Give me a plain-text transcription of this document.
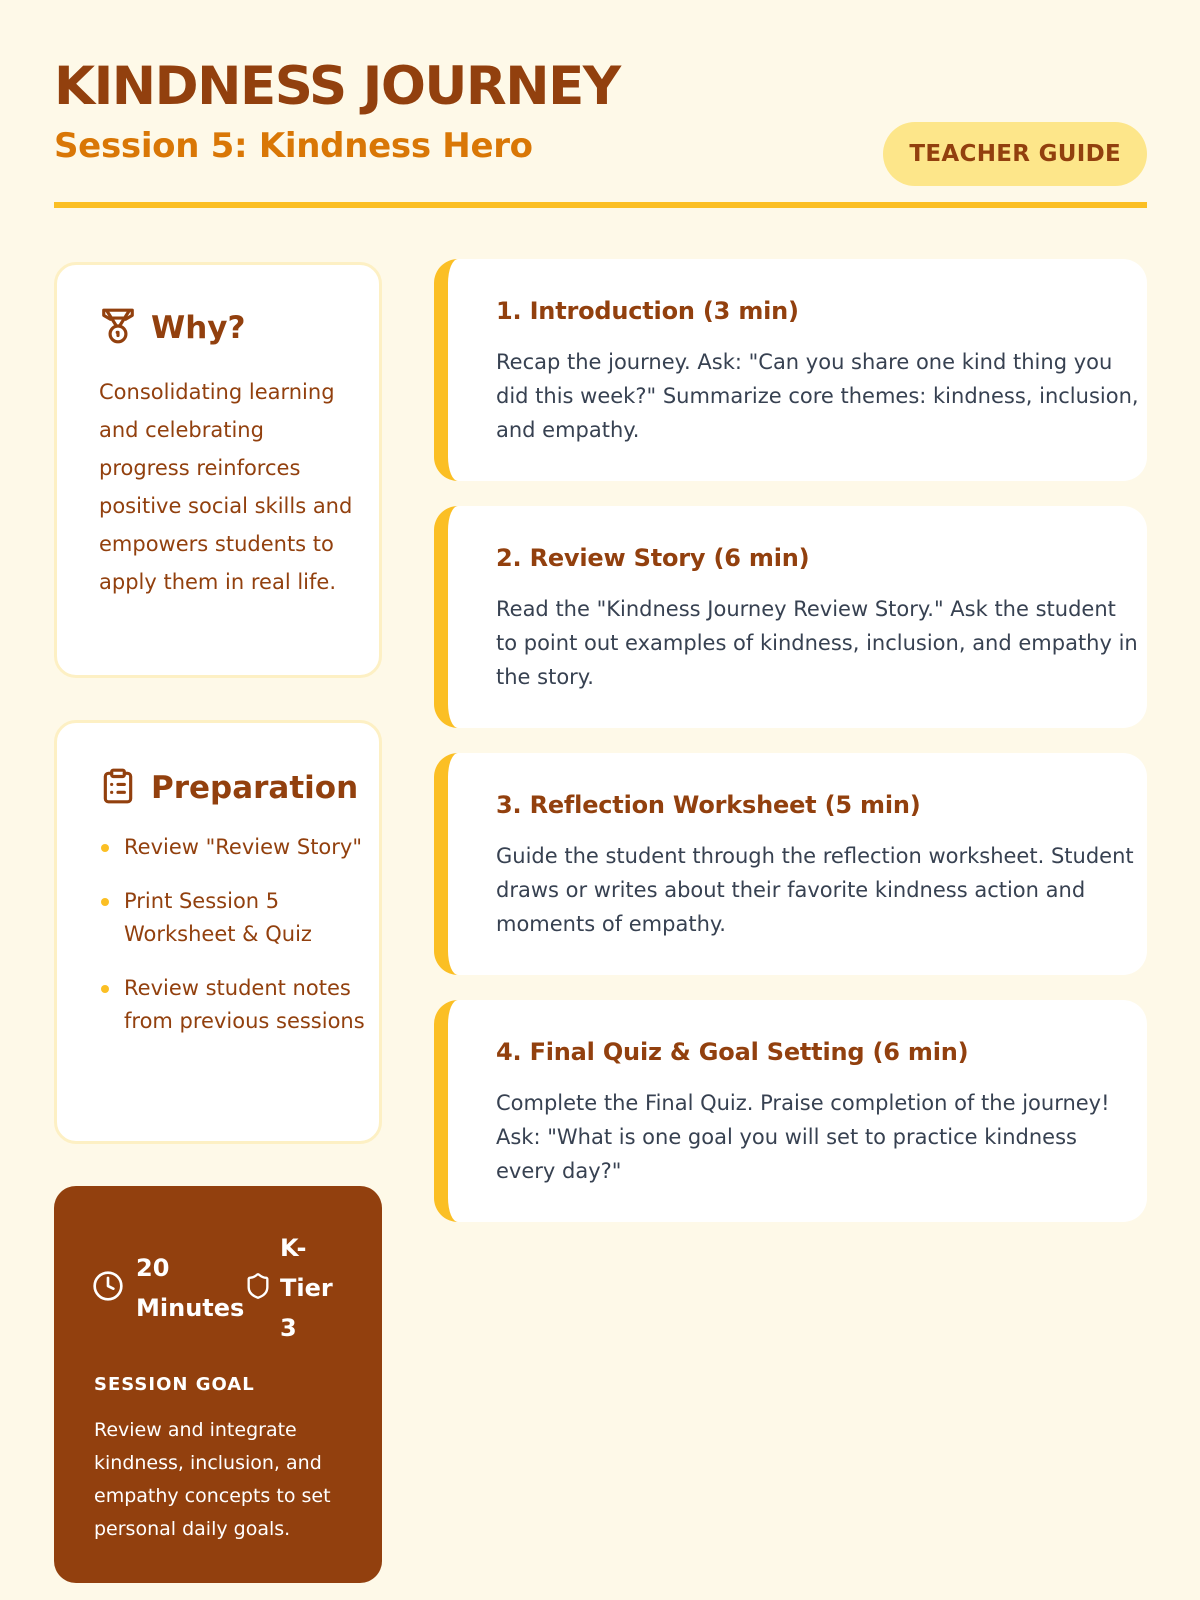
KINDNESS JOURNEY
Session 5: Kindness Hero	TEACHER GUIDE
Why?

Consolidating learning and celebrating progress reinforces positive social skills and empowers students to apply them in real life.

Preparation
Review "Review Story"
Print Session 5 Worksheet & Quiz
Review student notes from previous sessions
20 Minutes
K-Tier 3
SESSION GOAL

Review and integrate kindness, inclusion, and empathy concepts to set personal daily goals.

1. Introduction (3 min)

Recap the journey. Ask: "Can you share one kind thing you did this week?" Summarize core themes: kindness, inclusion, and empathy.

2. Review Story (6 min)

Read the "Kindness Journey Review Story." Ask the student to point out examples of kindness, inclusion, and empathy in the story.

3. Reflection Worksheet (5 min)

Guide the student through the reflection worksheet. Student draws or writes about their favorite kindness action and moments of empathy.

4. Final Quiz & Goal Setting (6 min)

Complete the Final Quiz. Praise completion of the journey! Ask: "What is one goal you will set to practice kindness every day?"
